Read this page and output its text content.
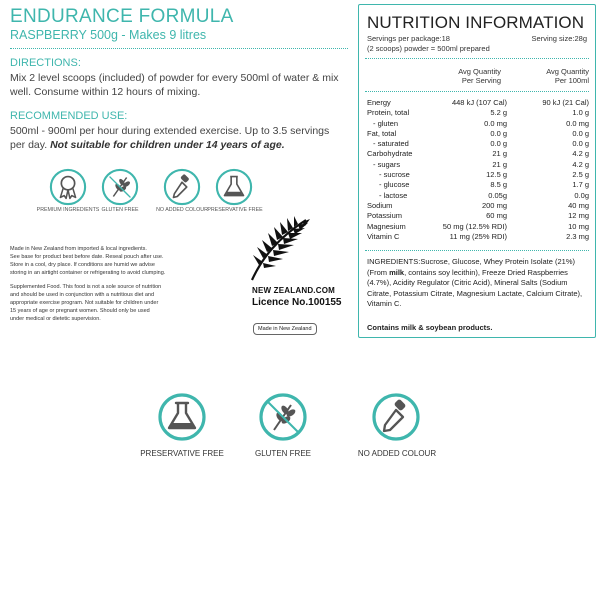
ENDURANCE FORMULA
RASPBERRY 500g - Makes 9 litres
DIRECTIONS:
Mix 2 level scoops (included) of powder for every 500ml of water & mix well. Consume within 12 hours of mixing.
RECOMMENDED USE:
500ml - 900ml per hour during extended exercise. Up to 3.5 servings per day. Not suitable for children under 14 years of age.
PREMIUM INGREDIENTS GLUTEN FREE	NO ADDED COLOUR PRESERVATIVE FREE

Made in New Zealand from imported & local ingredients.

See base for product best before date. Reseal pouch after use.

Store in a cool, dry place. If conditions are humid we advise

storing in an airtight container or refrigerating to avoid clumping.

Supplemented Food. This food is not a sole source of nutrition

and should be used in conjunction with a nutritious diet and

appropriate exercise program. Not suitable for children under

15 years of age or pregnant women. Should only be used

under medical or dietetic supervision.

NEW ZEALAND.COM
Licence No.100155
Made in New Zealand
NUTRITION INFORMATION
Servings per package:18	Serving size:28g
(2 scoops) powder = 500ml prepared
Avg Quantity
Per Serving
Avg Quantity
Per 100ml
Energy	448 kJ (107 Cal)	90 kJ (21 Cal)
Protein, total	5.2 g	1.0 g
- gluten	0.0 mg	0.0 mg
Fat, total	0.0 g	0.0 g
- saturated	0.0 g	0.0 g
Carbohydrate	21 g	4.2 g
- sugars	21 g	4.2 g
- sucrose	12.5 g	2.5 g
- glucose	8.5 g	1.7 g
- lactose	0.05g	0.0g
Sodium	200 mg	40 mg
Potassium	60 mg	12 mg
Magnesium	50 mg (12.5% RDI)	10 mg
Vitamin C	11 mg (25% RDI)	2.3 mg
INGREDIENTS:Sucrose, Glucose, Whey Protein Isolate (21%) (From milk, contains soy lecithin), Freeze Dried Raspberries (4.7%), Acidity Regulator (Citric Acid), Mineral Salts (Sodium Citrate, Potassium Citrate, Magnesium Lactate, Calcium Citrate), Vitamin C.
Contains milk & soybean products.
PRESERVATIVE FREE	GLUTEN FREE	NO ADDED COLOUR
